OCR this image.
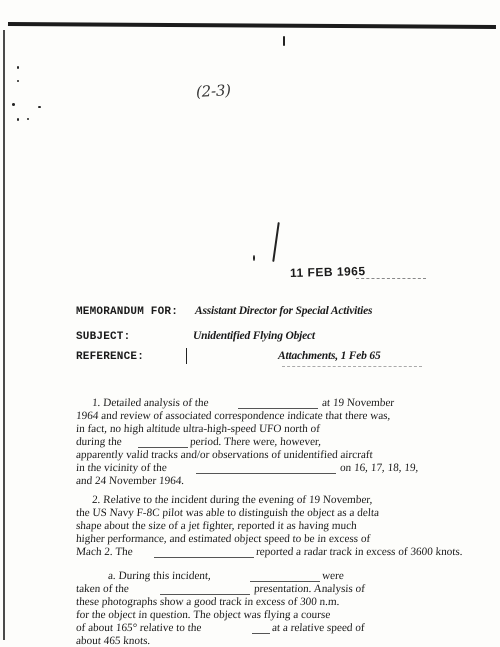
(2-3)
11 FEB 1965
MEMORANDUM FOR: Assistant Director for Special Activities
SUBJECT:	Unidentified Flying Object
REFERENCE:	Attachments, 1 Feb 65
1. Detailed analysis of the	at 19 November
1964 and review of associated correspondence indicate that there was,
in fact, no high altitude ultra-high-speed UFO north of
during the	period. There were, however,
apparently valid tracks and/or observations of unidentified aircraft
in the vicinity of the	on 16, 17, 18, 19,
and 24 November 1964.
2. Relative to the incident during the evening of 19 November,
the US Navy F-8C pilot was able to distinguish the object as a delta
shape about the size of a jet fighter, reported it as having much
higher performance, and estimated object speed to be in excess of
Mach 2. The	reported a radar track in excess of 3600 knots.
a. During this incident,	were
taken of the	presentation. Analysis of
these photographs show a good track in excess of 300 n.m.
for the object in question. The object was flying a course
of about 165° relative to the	at a relative speed of
about 465 knots.
